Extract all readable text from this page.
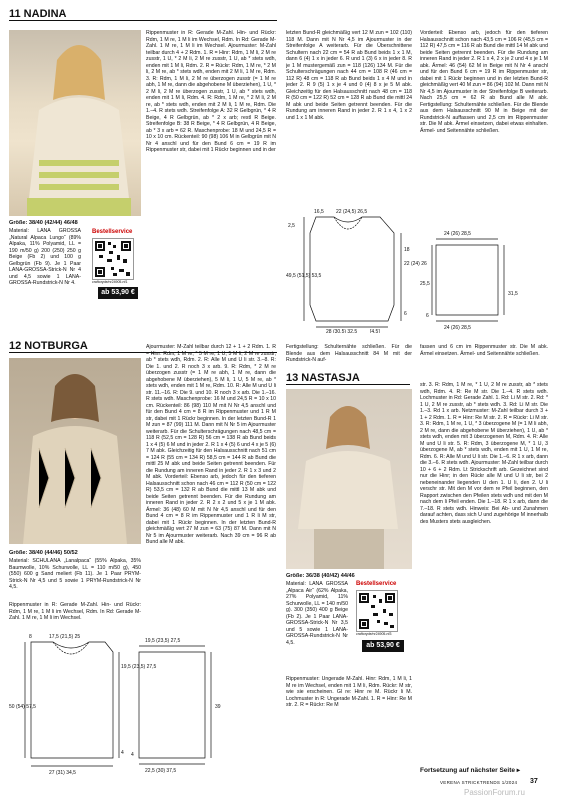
11 NADINA
Größe: 38/40 (42/44) 46/48
Material: LANA GROSSA „Natural Alpaca Lungo“ (89% Alpaka, 11% Polyamid, LL = 190 m/50 g) 200 (250) 250 g Beige (Fb 2) und 100 g Gelbgrün (Fb 9). Je 1 Paar LANA-GROSSA-Strick-N Nr 4 und 4,5 sowie 1 LANA-GROSSA-Rundstrick-N Nr 4.
Bestellservice
craftoryde/nr24905-nf1
ab 53,90 €
Rippenmuster in R: Gerade M-Zahl. Hin- und Rückr: Rdm, 1 M re, 1 M li im Wechsel, Rdm. In Rd: Gerade M-Zahl. 1 M re, 1 M li im Wechsel. Ajourmuster: M-Zahl teilbar durch 4 + 2 Rdm. 1. R = Hinr: Rdm, 1 M li, 2 M re zusstr, 1 U, * 2 M li, 2 M re zusstr, 1 U, ab * stets wdh, enden mit 1 M li, Rdm. 2. R = Rückr: Rdm, 1 M re, * 2 M li, 2 M re, ab * stets wdh, enden mit 2 M li, 1 M re, Rdm. 3. R: Rdm, 1 M li, 2 M re überzogen zusstr (= 1 M re abh, 1 M re, dann die abgehobene M überziehen), 1 U, * 2 M li, 2 M re überzogen zusstr, 1 U, ab * stets wdh, enden mit 1 M li, Rdm. 4. R: Rdm, 1 M re, * 2 M li, 2 M re, ab * stets wdh, enden mit 2 M li, 1 M re, Rdm. Die 1.–4. R stets wdh. Streifenfolge A: 32 R Gelbgrün, * 4 R Beige, 4 R Gelbgrün, ab * 2 x arb; restl R Beige. Streifenfolge B: 38 R Beige, * 4 R Gelbgrün, 4 R Beige, ab * 3 x arb = 62 R. Maschenprobe: 18 M und 24,5 R = 10 x 10 cm. Rückenteil: 90 (98) 106 M in Gelbgrün mit N Nr 4 anschl und für den Bund 6 cm = 19 R im Rippenmuster str, dabei mit 1 Rückr beginnen und in der
letzten Bund-R gleichmäßig vert 12 M zun = 102 (110) 118 M. Dann mit N Nr 4,5 im Ajourmuster in der Streifenfolge A weiterarb. Für die Überschnittene Schultern nach 22 cm = 54 R ab Bund beids 1 x 1 M, dann 6 (4) 1 x in jeder 6. R und 1 (3) 6 x in jeder 8. R je 1 M mustergemäß zun = 118 (126) 134 M. Für die Schulterschrägungen nach 44 cm = 108 R (46 cm = 112 R) 48 cm = 118 R ab Bund beids 1 x 4 M und in jeder 2. R 9 (5) 1 x je 4 und 0 (4) 8 x je 5 M abk. Gleichzeitig für den Halsausschnitt nach 48 cm = 118 R (50 cm = 122 R) 52 cm = 128 R ab Bund die mittl 24 M abk und beide Seiten getrennt beenden. Für die Rundung am inneren Rand in jeder 2. R 1 x 4, 1 x 2 und 1 x 1 M abk.
Vorderteil: Ebenso arb, jedoch für den tieferen Halsausschnitt schon nach 43,5 cm = 106 R (45,5 cm = 112 R) 47,5 cm = 116 R ab Bund die mittl 14 M abk und beide Seiten getrennt beenden. Für die Rundung am inneren Rand in jeder 2. R 1 x 4, 2 x je 2 und 4 x je 1 M abk. Ärmel: 46 (54) 62 M in Beige mit N Nr 4 anschl und für den Bund 6 cm = 19 R im Rippenmuster str, dabei mit 1 Rückr beginnen und in der letzten Bund-R gleichmäßig vert 40 M zun = 86 (94) 102 M. Dann mit N Nr 4,5 im Ajourmuster in der Streifenfolge B weiterarb. Nach 25,5 cm = 62 R ab Bund alle M abk. Fertigstellung: Schulternähte schließen. Für die Blende aus dem Halsausschnitt 90 M in Beige mit der Rundstrick-N auffassen und 2,5 cm im Rippenmuster str. Die M abk. Ärmel einsetzen, dabei etwas einhalten. Ärmel- und Seitennähte schließen.
16,5 22 (24,5) 26,5
2,5
49,5 (51,5) 53,5
18
22 (24) 26
6
28 (30,5) 32,5	[4,5]
24 (26) 28,5
25,5
31,5
24 (26) 28,5
6
12 NOTBURGA
Größe: 38/40 (44/46) 50/52
Material: SCHULANA „Lanalpaca“ (55% Alpaka, 35% Baumwolle, 10% Schurwolle, LL = 110 m/50 g), 450 (550) 600 g Sand meliert (Fb 11). Je 1 Paar PRYM-Strick-N Nr 4,5 und 5 sowie 1 PRYM-Rundstrick-N Nr 4,5.
Rippenmuster in R: Gerade M-Zahl. Hin- und Rückr: Rdm, 1 M re, 1 M li im Wechsel, Rdm. In Rd: Gerade M-Zahl. 1 M re, 1 M li im Wechsel.
17,5 (21,5) 25
8
50 (54) 57,5
19,5 (23,5) 27,5
4
27 (31) 34,5
19,5 (23,5) 27,5
39
22,5 (30) 37,5
4
Ajourmuster: M-Zahl teilbar durch 12 + 1 + 2 Rdm. 1. R = Hinr: Rdm, 1 M re, * 5 M re, 1 U, 5 M li, 2 M re zusstr, ab * stets wdh, Rdm. 2. R: Alle M und U li str. 3.–8. R: Die 1. und 2. R noch 3 x arb. 9. R: Rdm, * 2 M re überzogen zusstr (= 1 M re abh, 1 M re, dann die abgehobene M überziehen), 5 M li, 1 U, 5 M re, ab * stets wdh, enden mit 1 M re, Rdm. 10. R: Alle M und U li str. 11.–16. R: Die 9. und 10. R noch 3 x arb. Die 1.–16. R stets wdh. Maschenprobe: 16 M und 24,5 R = 10 x 10 cm. Rückenteil: 86 (98) 110 M mit N Nr 4,5 anschl und für den Bund 4 cm = 8 R im Rippenmuster und 1 R M str, dabei mit 1 Rückr beginnen. In der letzten Bund-R 1 M zun = 87 (99) 111 M. Dann mit N Nr 5 im Ajourmuster weiterarb. Für die Schulterschrägungen nach 48,5 cm = 118 R (52,5 cm = 128 R) 56 cm = 138 R ab Bund beids 1 x 4 (5) 6 M und in jeder 2. R 1 x 4 (5) 6 und 4 x je 5 (6) 7 M abk. Gleichzeitig für den Halsausschnitt nach 51 cm = 124 R (55 cm = 134 R) 58,5 cm = 144 R ab Bund die mittl 25 M abk und beide Seiten getrennt beenden. Für die Rundung am inneren Rand in jeder 2. R 1 x 3 und 2 M abk. Vorderteil: Ebenso arb, jedoch für den tieferen Halsausschnitt schon nach 46 cm = 112 R (50 cm = 122 R) 53,5 cm = 132 R ab Bund die mittl 13 M abk und beide Seiten getrennt beenden. Für die Rundung am inneren Rand in jeder 2. R 2 x 2 und 5 x je 1 M abk. Ärmel: 36 (48) 60 M mit N Nr 4,5 anschl und für den Bund 4 cm = 8 R im Rippenmuster und 1 R li M str, dabei mit 1 Rückr beginnen. In der letzten Bund-R gleichmäßig vert 27 M zun = 63 (75) 87 M. Dann mit N Nr 5 im Ajourmuster weiterarb. Nach 39 cm = 96 R ab Bund alle M abk.
Fertigstellung: Schulternähte schließen. Für die Blende aus dem Halsausschnitt 84 M mit der Rundstrick-N auf-
fassen und 6 cm im Rippenmuster str. Die M abk. Ärmel einsetzen. Ärmel- und Seitennähte schließen.
13 NASTASJA
Größe: 36/38 (40/42) 44/46
Material: LANA GROSSA „Alpaca Air“ (62% Alpaka, 27% Polyamid, 11% Schurwolle, LL = 140 m/50 g). 300 (350) 400 g Beige (Fb 2). Je 1 Paar LANA-GROSSA-Strick-N Nr 3,5 und 5 sowie 1 LANA-GROSSA-Rundstrick-N Nr 4,5.
Bestellservice
craftoryde/nr24905-nf3
ab 53,90 €
Rippenmuster: Ungerade M-Zahl. Hinr: Rdm, 1 M li, 1 M re im Wechsel, enden mit 1 M li, Rdm. Rückr: M str, wie sie erscheinen. Gl re: Hinr re M. Rückr li M. Lochmuster in R: Ungerade M-Zahl. 1. R = Hinr: Re M str. 2. R = Rückr: Re M
str. 3. R: Rdm, 1 M re, * 1 U, 2 M re zusstr, ab * stets wdh, Rdm. 4. R: Re M str. Die 1.–4. R stets wdh. Lochmuster in Rd: Gerade Zahl. 1. Rd: Li M str. 2. Rd: * 1 U, 2 M re zusstr, ab * stets wdh. 3. Rd: Li M str. Die 1.–3. Rd 1 x arb. Netzmuster: M-Zahl teilbar durch 3 + 1 + 2 Rdm. 1. R = Hinr: Re M str. 2. R = Rückr: Li M str. 3. R: Rdm, 1 M re, 1 U, * 3 überzogene M (= 1 M li abh, 2 M re, dann die abgehobene M überziehen), 1 U, ab * stets wdh, enden mit 3 überzogenen M, Rdm. 4. R: Alle M und U li str. 5. R: Rdm, 3 überzogene M, * 1 U, 3 überzogene M, ab * stets wdh, enden mit 1 U, 1 M re, Rdm. 6. R: Alle M und U li str. Die 1.–6. R 1 x arb, dann die 3.–6. R stets wdh. Ajourmuster: M-Zahl teilbar durch 10 + 6 + 2 Rdm. Lt Strickschrift arb. Gezeichnet sind nur die Hinr; in den Rückr alle M und U li str, bei 2 nebeneinander liegenden U den 1. U li, den 2. U li verschr str. Mit den M vor dem re Pfeil beginnen, den Rapport zwischen den Pfeilen stets wdh und mit den M nach dem li Pfeil enden. Die 1.–18. R 1 x arb, dann die 7.–18. R stets wdh. Hinweis: Bei Ab- und Zunahmen darauf achten, dass sich U und zugehörige M innerhalb des Musters stets ausgleichen.
Fortsetzung auf nächster Seite ▸
VERENA STRICKTRENDS 1/2024 37
PassionForum.ru
